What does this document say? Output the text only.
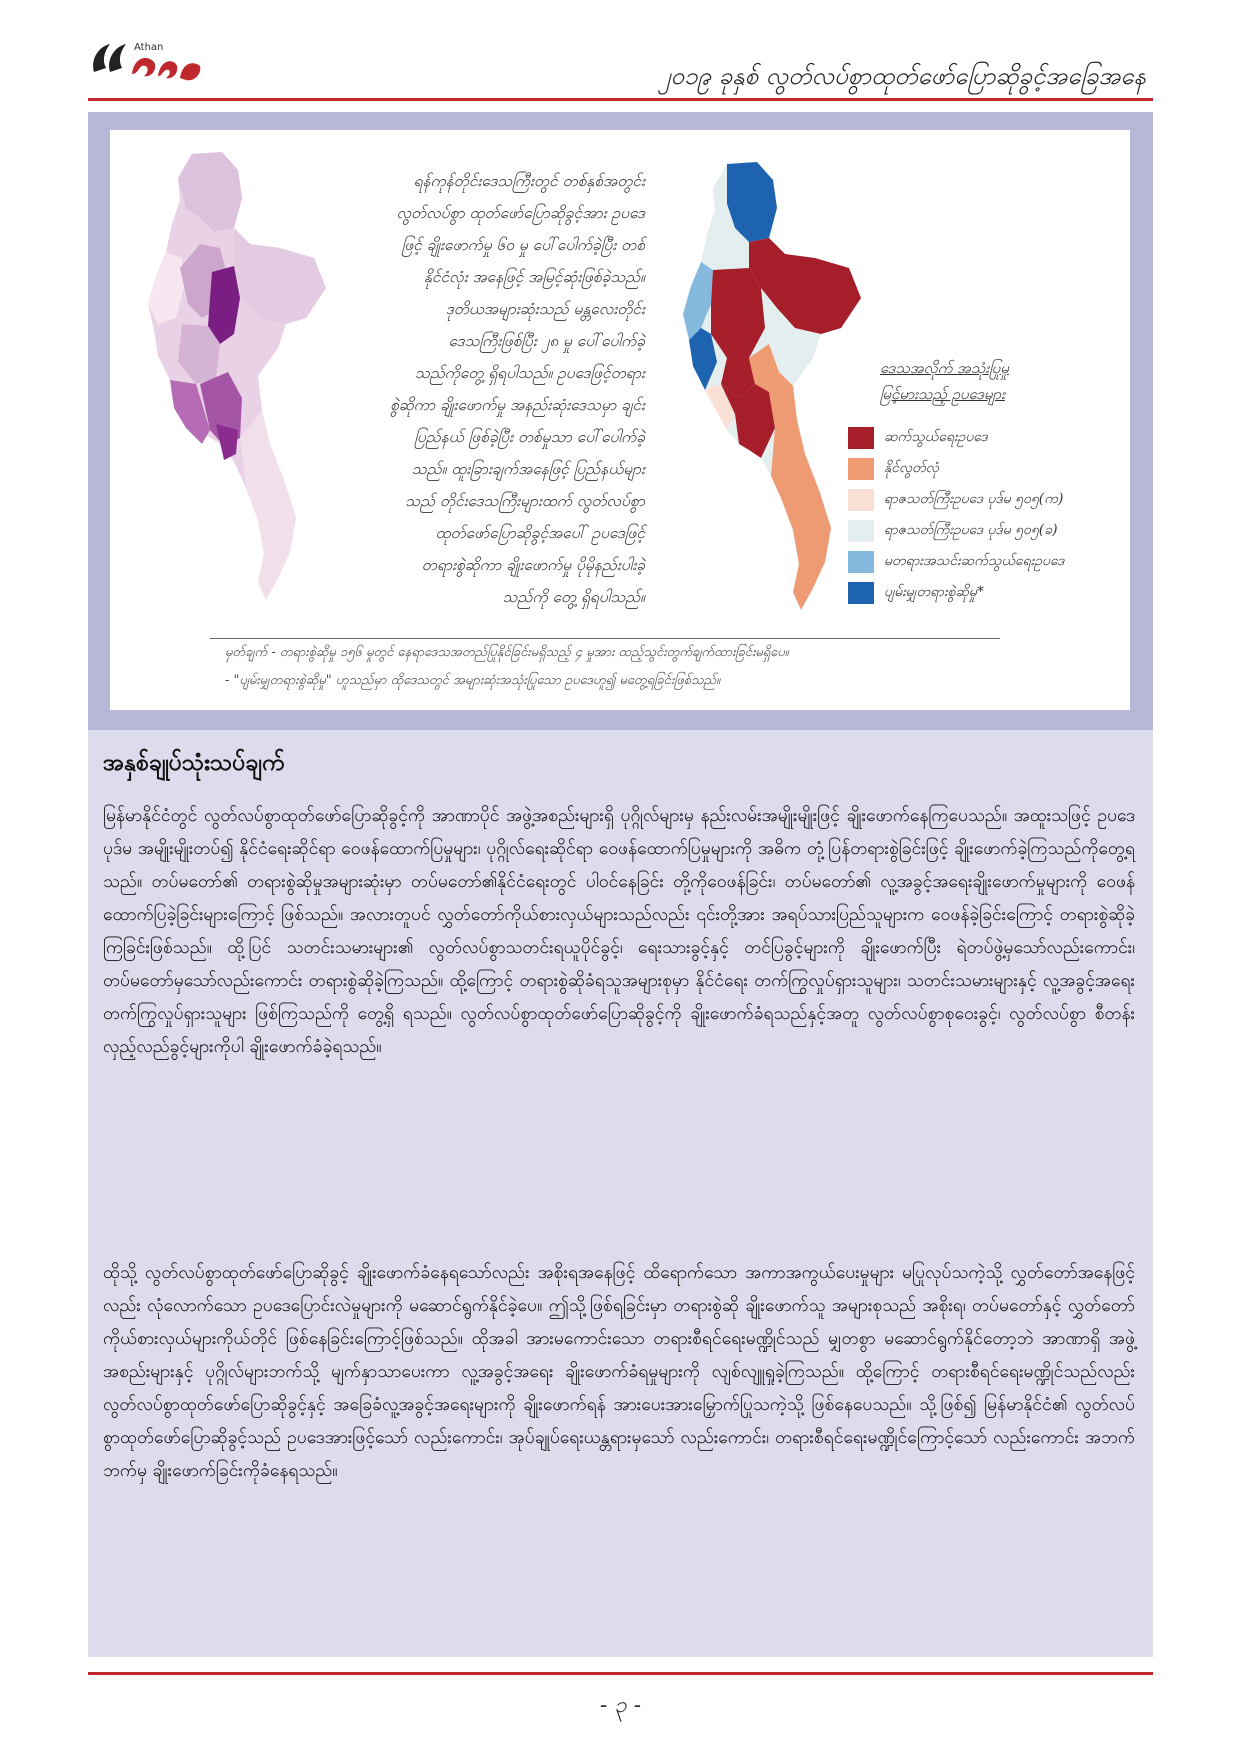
Athan
၂၀၁၉ ခုနှစ် လွတ်လပ်စွာထုတ်ဖော်ပြောဆိုခွင့်အခြေအနေ
ရန်ကုန်တိုင်းဒေသကြီးတွင် တစ်နှစ်အတွင်း
လွတ်လပ်စွာ ထုတ်ဖော်ပြောဆိုခွင့်အား ဥပဒေ
ဖြင့် ချိုးဖောက်မှု ၆၀ မှု ပေါ်ပေါက်ခဲ့ပြီး တစ်
နိုင်ငံလုံး အနေဖြင့် အမြင့်ဆုံးဖြစ်ခဲ့သည်။
ဒုတိယအများဆုံးသည် မန္တလေးတိုင်း
ဒေသကြီးဖြစ်ပြီး ၂၈ မှု ပေါ်ပေါက်ခဲ့
သည်ကိုတွေ့ ရှိရပါသည်။ ဥပဒေဖြင့်တရား
စွဲဆိုကာ ချိုးဖောက်မှု အနည်းဆုံးဒေသမှာ ချင်း
ပြည်နယ် ဖြစ်ခဲ့ပြီး တစ်မှုသာ ပေါ်ပေါက်ခဲ့
သည်။ ထူးခြားချက်အနေဖြင့် ပြည်နယ်များ
သည် တိုင်းဒေသကြီးများထက် လွတ်လပ်စွာ
ထုတ်ဖော်ပြောဆိုခွင့်အပေါ် ဥပဒေဖြင့်
တရားစွဲဆိုကာ ချိုးဖောက်မှု ပိုမိုနည်းပါးခဲ့
သည်ကို တွေ့ ရှိရပါသည်။
ဒေသအလိုက် အသုံးပြုမှု
မြင့်မားသည့် ဥပဒေများ
ဆက်သွယ်ရေးဥပဒေ
နိုင်လွတ်လုံ
ရာဇသတ်ကြီးဥပဒေ ပုဒ်မ ၅၀၅(က)
ရာဇသတ်ကြီးဥပဒေ ပုဒ်မ ၅၀၅(ခ)
မတရားအသင်းဆက်သွယ်ရေးဥပဒေ
ပျမ်းမျှတရားစွဲဆိုမှု*
မှတ်ချက် - တရားစွဲဆိုမှု ၁၅၆ မှုတွင် နေရာဒေသအတည်ပြုနိုင်ခြင်းမရှိသည့် ၄ မှုအား ထည့်သွင်းတွက်ချက်ထားခြင်းမရှိပေ။
- "ပျမ်းမျှတရားစွဲဆိုမှု" ဟူသည်မှာ ထိုဒေသတွင် အများဆုံးအသုံးပြုသော ဥပဒေဟူ၍ မတွေ့ရခြင်းဖြစ်သည်။
အနှစ်ချုပ်သုံးသပ်ချက်
မြန်မာနိုင်ငံတွင် လွတ်လပ်စွာထုတ်ဖော်ပြောဆိုခွင့်ကို အာဏာပိုင် အဖွဲ့အစည်းများရှိ ပုဂ္ဂိုလ်များမှ နည်းလမ်းအမျိုးမျိုးဖြင့် ချိုးဖောက်နေကြပေသည်။ အထူးသဖြင့် ဥပဒေပုဒ်မ အမျိုးမျိုးတပ်၍ နိုင်ငံရေးဆိုင်ရာ ဝေဖန်ထောက်ပြမှုများ၊ ပုဂ္ဂိုလ်ရေးဆိုင်ရာ ဝေဖန်ထောက်ပြမှုများကို အဓိက တုံ့ပြန်တရားစွဲခြင်းဖြင့် ချိုးဖောက်ခဲ့ကြသည်ကိုတွေ့ရသည်။ တပ်မတော်၏ တရားစွဲဆိုမှုအများဆုံးမှာ တပ်မတော်၏နိုင်ငံရေးတွင် ပါဝင်နေခြင်း တို့ကိုဝေဖန်ခြင်း၊ တပ်မတော်၏ လူ့အခွင့်အရေးချိုးဖောက်မှုများကို ဝေဖန် ထောက်ပြခဲ့ခြင်းများကြောင့် ဖြစ်သည်။ အလားတူပင် လွှတ်တော်ကိုယ်စားလှယ်များသည်လည်း ၎င်းတို့အား အရပ်သားပြည်သူများက ဝေဖန်ခဲ့ခြင်းကြောင့် တရားစွဲဆိုခဲ့ကြခြင်းဖြစ်သည်။ ထို့ပြင် သတင်းသမားများ၏ လွတ်လပ်စွာသတင်းရယူပိုင်ခွင့်၊ ရေးသားခွင့်နှင့် တင်ပြခွင့်များကို ချိုးဖောက်ပြီး ရဲတပ်ဖွဲ့မှသော်လည်းကောင်း၊ တပ်မတော်မှသော်လည်းကောင်း တရားစွဲဆိုခဲ့ကြသည်။ ထို့ကြောင့် တရားစွဲဆိုခံရသူအများစုမှာ နိုင်ငံရေး တက်ကြွလှုပ်ရှားသူများ၊ သတင်းသမားများနှင့် လူ့အခွင့်အရေး တက်ကြွလှုပ်ရှားသူများ ဖြစ်ကြသည်ကို တွေ့ရှိ ရသည်။ လွတ်လပ်စွာထုတ်ဖော်ပြောဆိုခွင့်ကို ချိုးဖောက်ခံရသည်နှင့်အတူ လွတ်လပ်စွာစုဝေးခွင့်၊ လွတ်လပ်စွာ စီတန်းလှည့်လည်ခွင့်များကိုပါ ချိုးဖောက်ခံခဲ့ရသည်။
ထိုသို့ လွတ်လပ်စွာထုတ်ဖော်ပြောဆိုခွင့် ချိုးဖောက်ခံနေရသော်လည်း အစိုးရအနေဖြင့် ထိရောက်သော အကာအကွယ်ပေးမှုများ မပြုလုပ်သကဲ့သို့ လွှတ်တော်အနေဖြင့်လည်း လုံလောက်သော ဥပဒေပြောင်းလဲမှုများကို မဆောင်ရွက်နိုင်ခဲ့ပေ။ ဤသို့ဖြစ်ရခြင်းမှာ တရားစွဲဆို ချိုးဖောက်သူ အများစုသည် အစိုးရ၊ တပ်မတော်နှင့် လွှတ်တော်ကိုယ်စားလှယ်များကိုယ်တိုင် ဖြစ်နေခြင်းကြောင့်ဖြစ်သည်။ ထိုအခါ အားမကောင်းသော တရားစီရင်ရေးမဏ္ဍိုင်သည် မျှတစွာ မဆောင်ရွက်နိုင်တော့ဘဲ အာဏာရှိ အဖွဲ့အစည်းများနှင့် ပုဂ္ဂိုလ်များဘက်သို့ မျက်နှာသာပေးကာ လူ့အခွင့်အရေး ချိုးဖောက်ခံရမှုများကို လျစ်လျူရှုခဲ့ကြသည်။ ထို့ကြောင့် တရားစီရင်ရေးမဏ္ဍိုင်သည်လည်း လွတ်လပ်စွာထုတ်ဖော်ပြောဆိုခွင့်နှင့် အခြေခံလူ့အခွင့်အရေးများကို ချိုးဖောက်ရန် အားပေးအားမြှောက်ပြုသကဲ့သို့ ဖြစ်နေပေသည်။ သို့ဖြစ်၍ မြန်မာနိုင်ငံ၏ လွတ်လပ်စွာထုတ်ဖော်ပြောဆိုခွင့်သည် ဥပဒေအားဖြင့်သော် လည်းကောင်း၊ အုပ်ချုပ်ရေးယန္တရားမှသော် လည်းကောင်း၊ တရားစီရင်ရေးမဏ္ဍိုင်ကြောင့်သော် လည်းကောင်း အဘက်ဘက်မှ ချိုးဖောက်ခြင်းကိုခံနေရသည်။
- ၃ -
